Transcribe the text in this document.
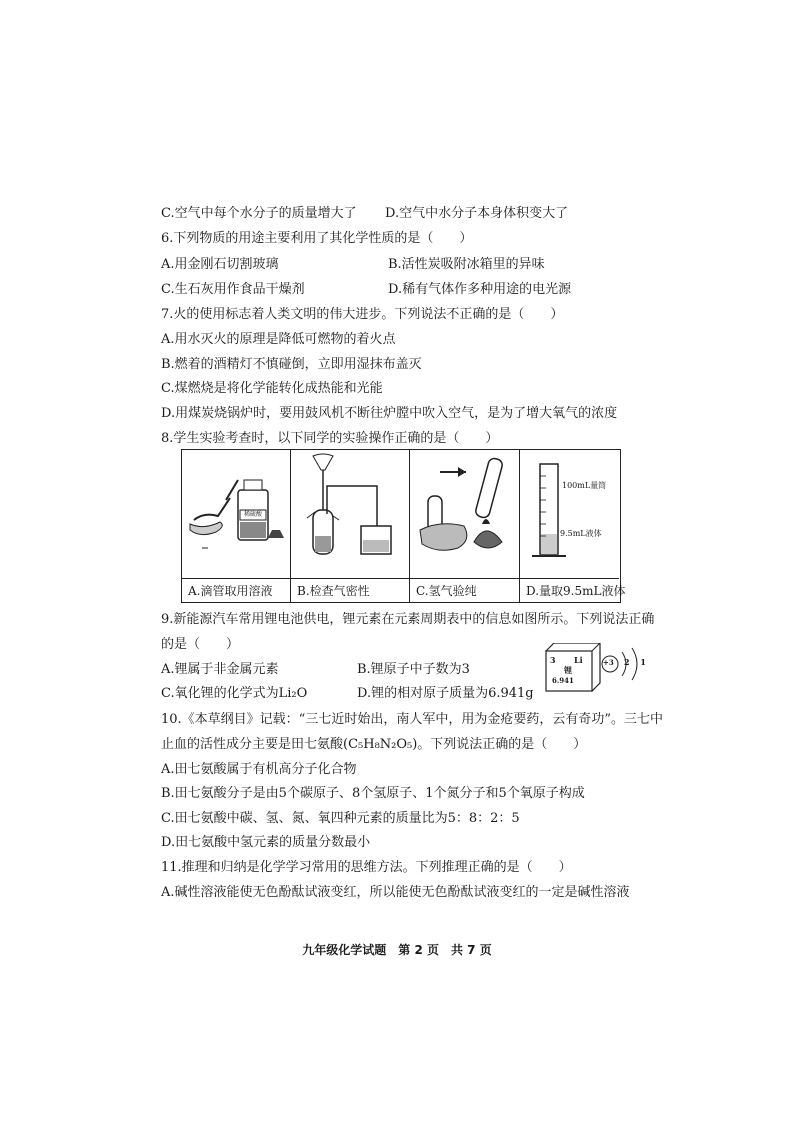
C.空气中每个水分子的质量增大了 D.空气中水分子本身体积变大了
6.下列物质的用途主要利用了其化学性质的是（　　）
A.用金刚石切割玻璃	B.活性炭吸附冰箱里的异味
C.生石灰用作食品干燥剂	D.稀有气体作多种用途的电光源
7.火的使用标志着人类文明的伟大进步。下列说法不正确的是（　　）
A.用水灭火的原理是降低可燃物的着火点
B.燃着的酒精灯不慎碰倒，立即用湿抹布盖灭
C.煤燃烧是将化学能转化成热能和光能
D.用煤炭烧锅炉时，要用鼓风机不断往炉膛中吹入空气，是为了增大氧气的浓度
8.学生实验考查时，以下同学的实验操作正确的是（　　）
稀硫酸
A.滴管取用溶液	B.检查气密性	C.氢气验纯
100mL量筒
9.5mL液体
D.量取9.5mL液体
9.新能源汽车常用锂电池供电，锂元素在元素周期表中的信息如图所示。下列说法正确
的是（　　）
A.锂属于非金属元素	B.锂原子中子数为3
C.氧化锂的化学式为Li₂O	D.锂的相对原子质量为6.941g
3 Li
锂
6.941
+3 2 1
10.《本草纲目》记载：“三七近时始出，南人军中，用为金疮要药，云有奇功”。三七中
止血的活性成分主要是田七氨酸(C₅H₈N₂O₅)。下列说法正确的是（　　）
A.田七氨酸属于有机高分子化合物
B.田七氨酸分子是由5个碳原子、8个氢原子、1个氮分子和5个氧原子构成
C.田七氨酸中碳、氢、氮、氧四种元素的质量比为5：8：2：5
D.田七氨酸中氢元素的质量分数最小
11.推理和归纳是化学学习常用的思维方法。下列推理正确的是（　　）
A.碱性溶液能使无色酚酞试液变红，所以能使无色酚酞试液变红的一定是碱性溶液
九年级化学试题　第 2 页　共 7 页
